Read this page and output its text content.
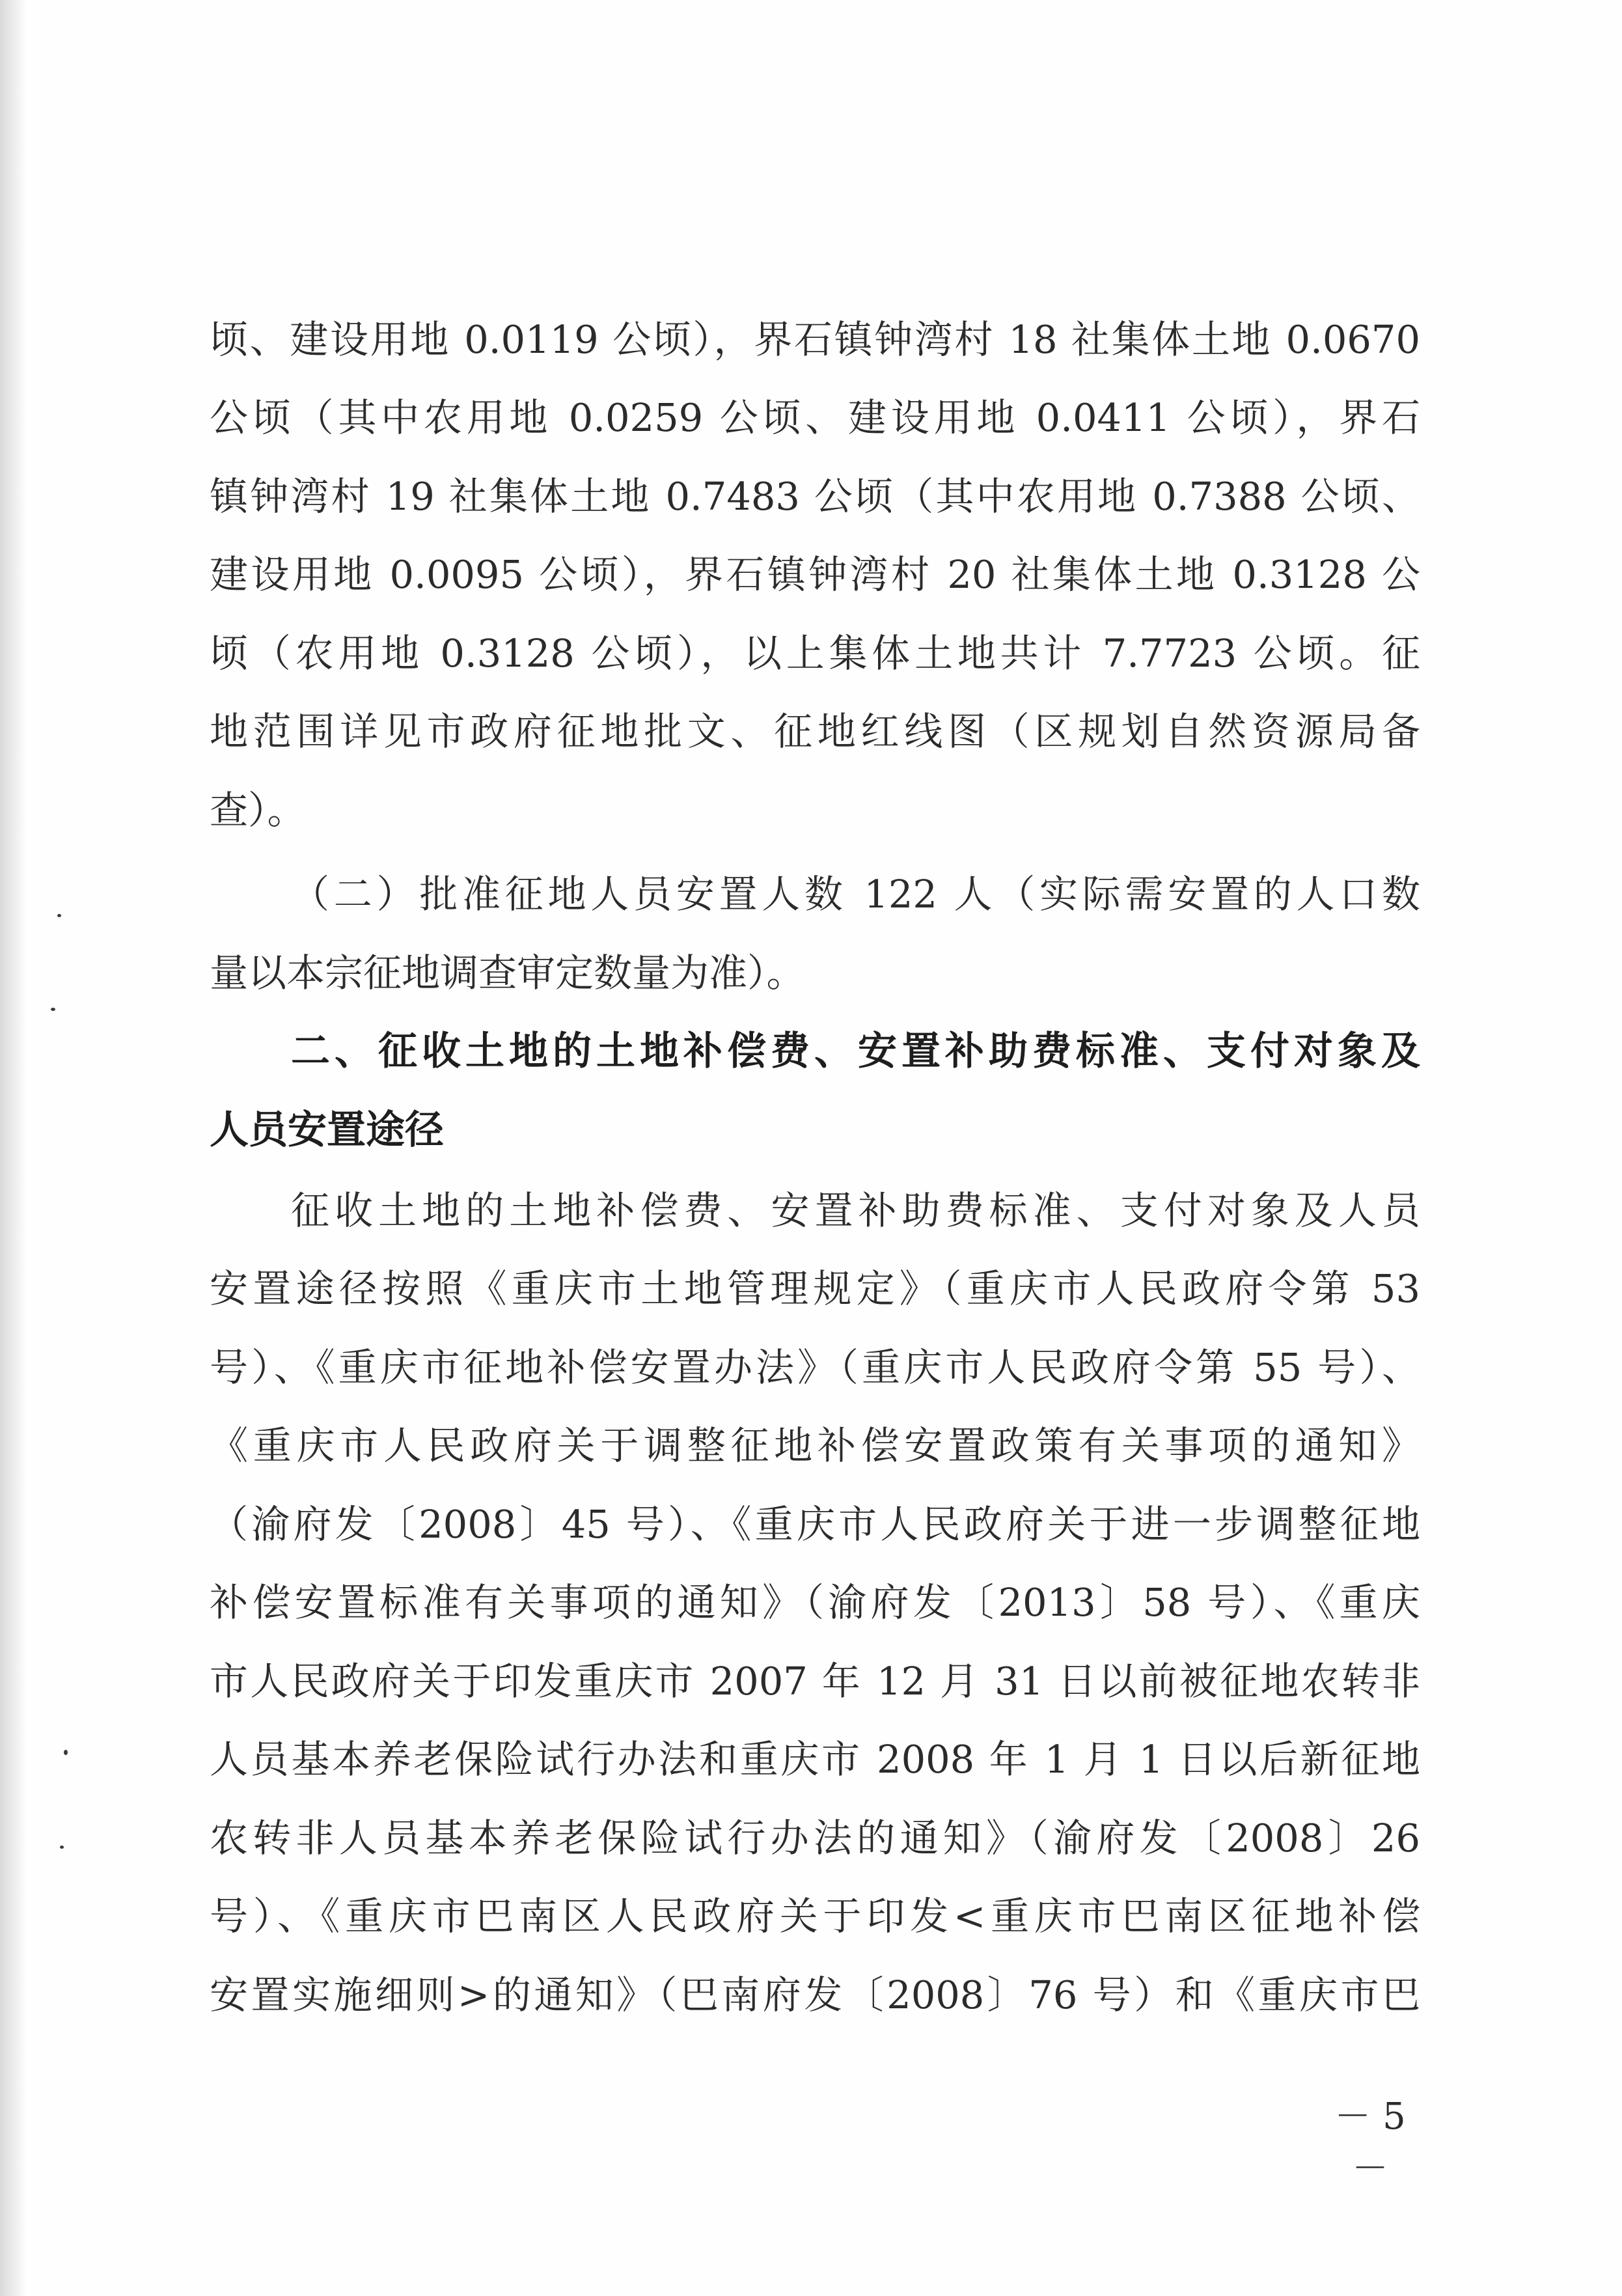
顷、建设用地 0.0119 公顷），界石镇钟湾村 18 社集体土地 0.0670
公顷（其中农用地 0.0259 公顷、建设用地 0.0411 公顷），界石
镇钟湾村 19 社集体土地 0.7483 公顷（其中农用地 0.7388 公顷、
建设用地 0.0095 公顷），界石镇钟湾村 20 社集体土地 0.3128 公
顷（农用地 0.3128 公顷），以上集体土地共计 7.7723 公顷。征
地范围详见市政府征地批文、征地红线图（区规划自然资源局备
查）。
（二）批准征地人员安置人数 122 人（实际需安置的人口数
量以本宗征地调查审定数量为准）。
二、征收土地的土地补偿费、安置补助费标准、支付对象及
人员安置途径
征收土地的土地补偿费、安置补助费标准、支付对象及人员
安置途径按照《重庆市土地管理规定》（重庆市人民政府令第 53
号）、《重庆市征地补偿安置办法》（重庆市人民政府令第 55 号）、
《重庆市人民政府关于调整征地补偿安置政策有关事项的通知》
（渝府发〔2008〕45 号）、《重庆市人民政府关于进一步调整征地
补偿安置标准有关事项的通知》（渝府发〔2013〕58 号）、《重庆
市人民政府关于印发重庆市 2007 年 12 月 31 日以前被征地农转非
人员基本养老保险试行办法和重庆市 2008 年 1 月 1 日以后新征地
农转非人员基本养老保险试行办法的通知》（渝府发〔2008〕26
号）、《重庆市巴南区人民政府关于印发<重庆市巴南区征地补偿
安置实施细则>的通知》（巴南府发〔2008〕76 号）和《重庆市巴
－ 5 －
